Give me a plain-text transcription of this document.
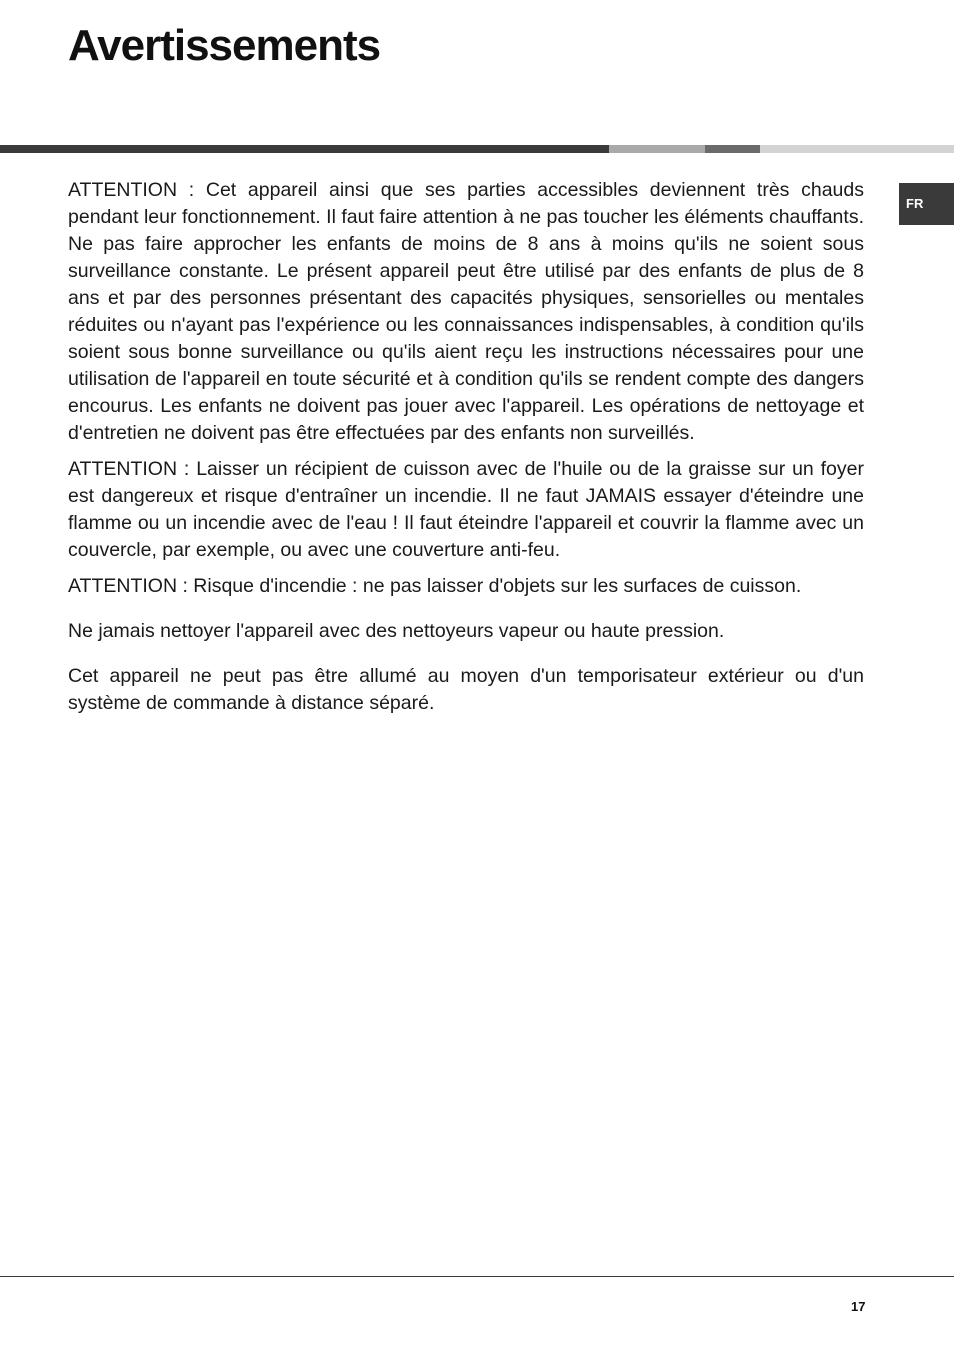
Avertissements
FR

ATTENTION : Cet appareil ainsi que ses parties accessibles deviennent très chauds pendant leur fonctionnement. Il faut faire attention à ne pas toucher les éléments chauffants. Ne pas faire approcher les enfants de moins de 8 ans à moins qu'ils ne soient sous surveillance constante. Le présent appareil peut être utilisé par des enfants de plus de 8 ans et par des personnes présentant des capacités physiques, sensorielles ou mentales réduites ou n'ayant pas l'expérience ou les connaissances indispensables, à condition qu'ils soient sous bonne surveillance ou qu'ils aient reçu les instructions nécessaires pour une utilisation de l'appareil en toute sécurité et à condition qu'ils se rendent compte des dangers encourus. Les enfants ne doivent pas jouer avec l'appareil. Les opérations de nettoyage et d'entretien ne doivent pas être effectuées par des enfants non surveillés.

ATTENTION : Laisser un récipient de cuisson avec de l'huile ou de la graisse sur un foyer est dangereux et risque d'entraîner un incendie. Il ne faut JAMAIS essayer d'éteindre une flamme ou un incendie avec de l'eau ! Il faut éteindre l'appareil et couvrir la flamme avec un couvercle, par exemple, ou avec une couverture anti-feu.

ATTENTION : Risque d'incendie : ne pas laisser d'objets sur les surfaces de cuisson.

Ne jamais nettoyer l'appareil avec des nettoyeurs vapeur ou haute pression.

Cet appareil ne peut pas être allumé au moyen d'un temporisateur extérieur ou d'un système de commande à distance séparé.

17
